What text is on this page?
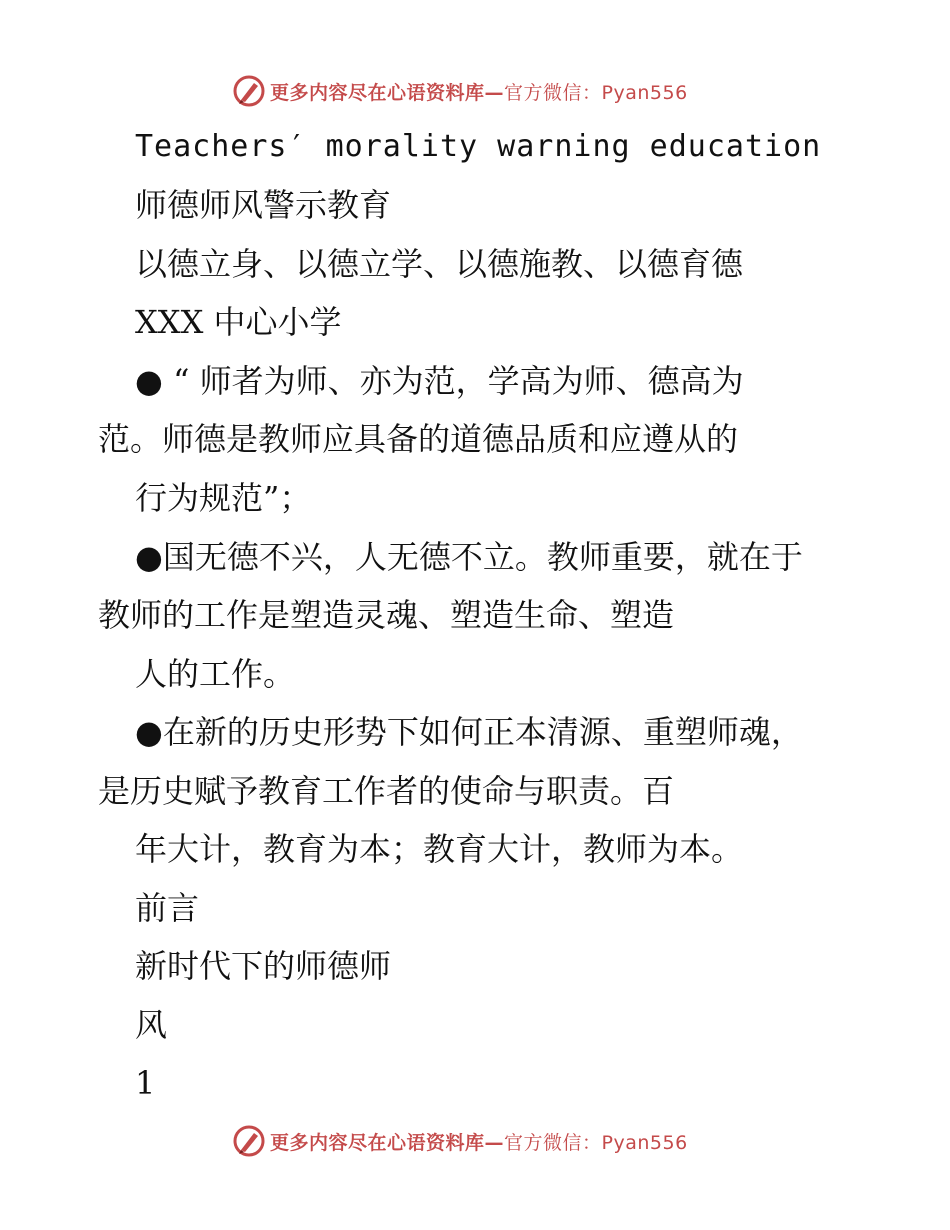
更多内容尽在心语资料库—官方微信：Pyan556
Teachers′ morality warning education
师德师风警示教育
以德立身、以德立学、以德施教、以德育德
XXX 中心小学
● “ 师者为师、亦为范，学高为师、德高为
范。师德是教师应具备的道德品质和应遵从的
行为规范”；
●国无德不兴，人无德不立。教师重要，就在于
教师的工作是塑造灵魂、塑造生命、塑造
人的工作。
●在新的历史形势下如何正本清源、重塑师魂，
是历史赋予教育工作者的使命与职责。百
年大计，教育为本；教育大计，教师为本。
前言
新时代下的师德师
风
1
更多内容尽在心语资料库—官方微信：Pyan556
